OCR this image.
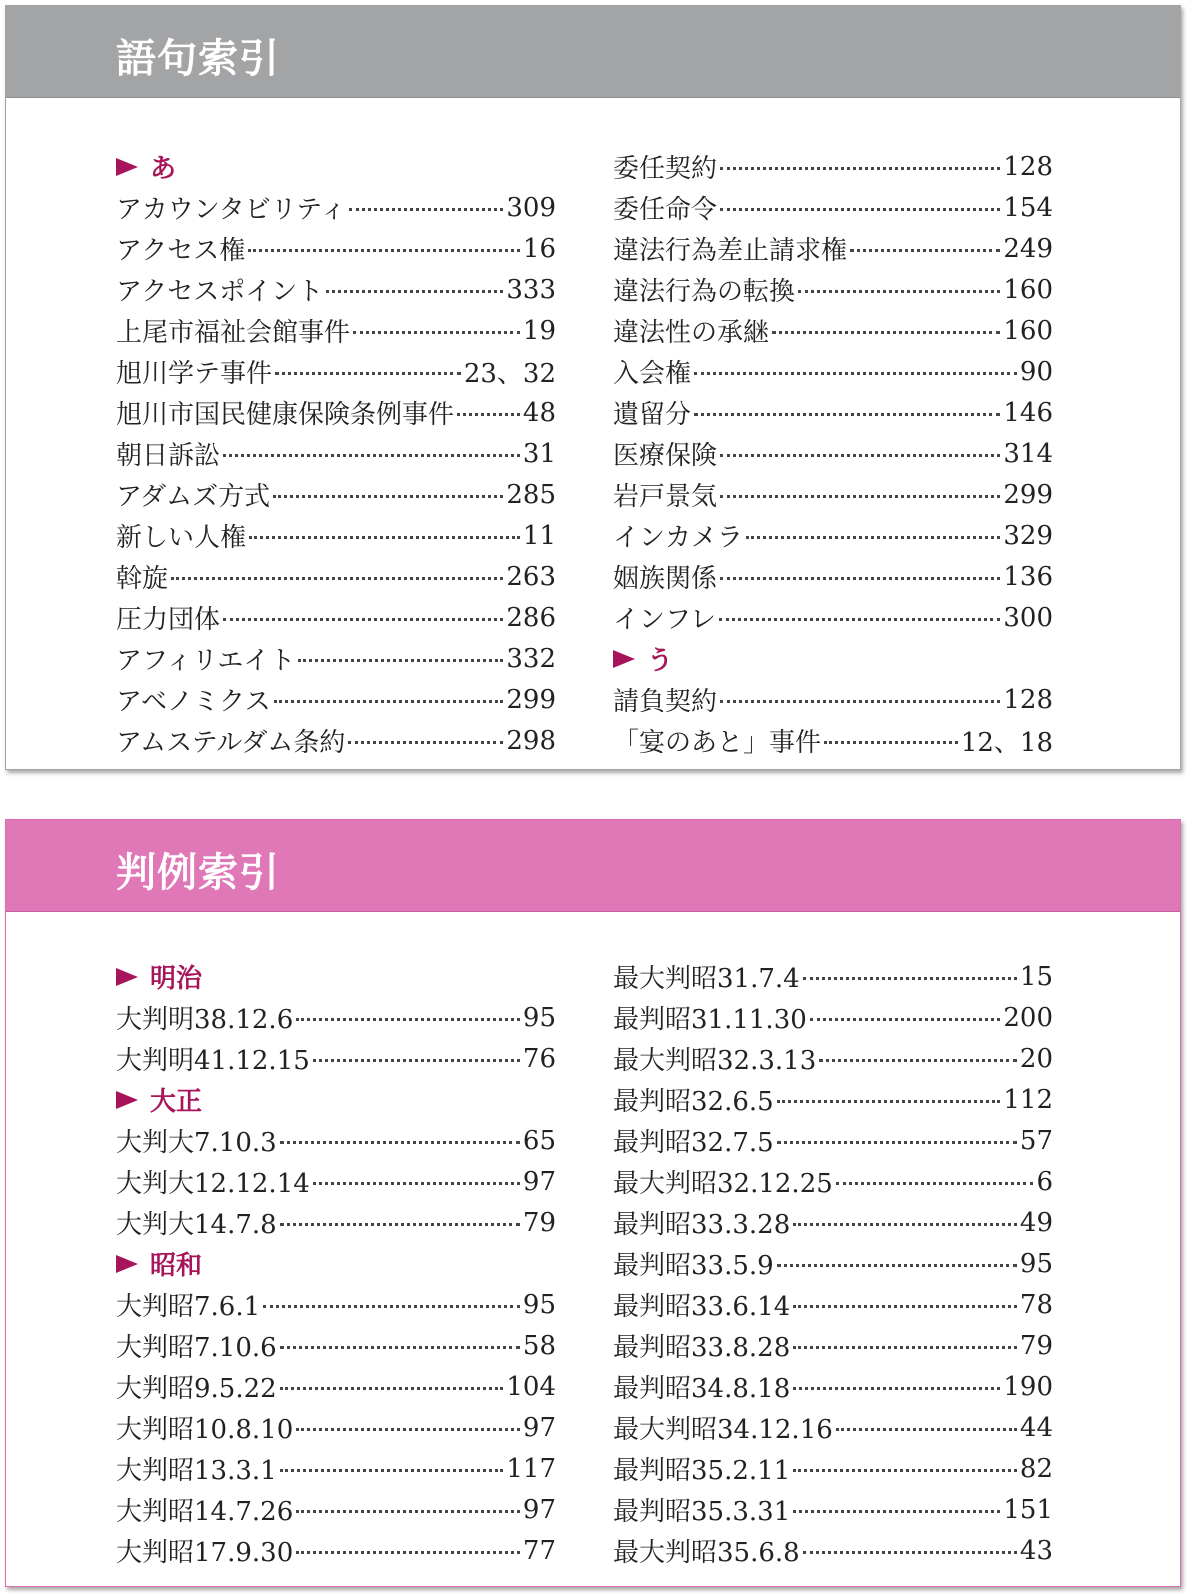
語句索引
あ
アカウンタビリティ	309
アクセス権	16
アクセスポイント	333
上尾市福祉会館事件	19
旭川学テ事件	23、32
旭川市国民健康保険条例事件	48
朝日訴訟	31
アダムズ方式	285
新しい人権	11
斡旋	263
圧力団体	286
アフィリエイト	332
アベノミクス	299
アムステルダム条約	298
委任契約	128
委任命令	154
違法行為差止請求権	249
違法行為の転換	160
違法性の承継	160
入会権	90
遺留分	146
医療保険	314
岩戸景気	299
インカメラ	329
姻族関係	136
インフレ	300
う
請負契約	128
「宴のあと」事件	12、18
判例索引
明治
大判明38.12.6	95
大判明41.12.15	76
大正
大判大7.10.3	65
大判大12.12.14	97
大判大14.7.8	79
昭和
大判昭7.6.1	95
大判昭7.10.6	58
大判昭9.5.22	104
大判昭10.8.10	97
大判昭13.3.1	117
大判昭14.7.26	97
大判昭17.9.30	77
最大判昭31.7.4	15
最判昭31.11.30	200
最大判昭32.3.13	20
最判昭32.6.5	112
最判昭32.7.5	57
最大判昭32.12.25	6
最判昭33.3.28	49
最判昭33.5.9	95
最判昭33.6.14	78
最判昭33.8.28	79
最判昭34.8.18	190
最大判昭34.12.16	44
最判昭35.2.11	82
最判昭35.3.31	151
最大判昭35.6.8	43
